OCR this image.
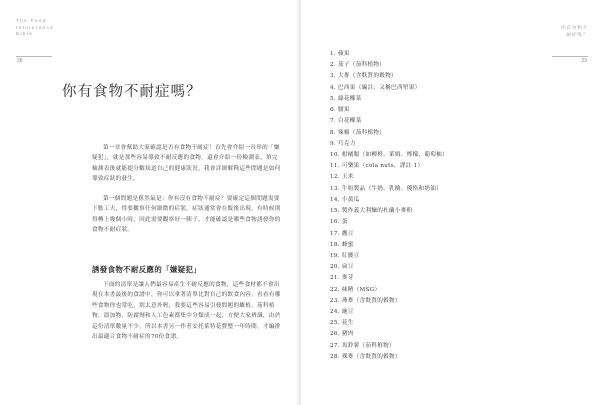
The Food
Intolerance
Bible
28
你有食物不耐症嗎？

第一章會幫助大家確認是否有食物不耐症！首先會介紹一長串的「嫌疑犯」，就是那些容易導致不耐反應的食物，還會介紹一份檢測表，填完檢測表後就能提分數知道自己的健康狀況，我會詳細解釋這些問題是如何導致症狀的發生。

第一個問題是舊然氣是：你有沒有食物不耐症？要確定這個問題需要下點工夫，得要觀察任何細微的症狀。症狀通常會在飯後出現，有時候則得轉上幾個小時，因此需要觀察好一陣子，才能確認是哪些食物誘發你的食物不耐症狀。

誘發食物不耐反應的「嫌疑犯」

下面的清單是讓人們最容易產生不耐反應的食物，這些食材都不會出現在本書最後的食譜中，你可以拿著清單比對自己的飲食內容，看看有哪些食物你也常吃，別太意外喔，我要這些容易引發問題的雖植，茄科植物，溫加物，防腐劑和人工色素都集中分類成一起，方便大家辨識，由於這份清單數量不少，所以本書另一作者安托萊特花費整一年時間，才編排出最適合食物不耐症的70份食譜。

你有食物不
耐症嗎？
29
1. 蘋果
2. 茄子（茄科植物）
3. 大麥（含麩質的穀物）
4. 巴西果（編註：又稱巴西堅果）
5. 綠花椰菜
6. 腰果
7. 白花椰菜
8. 辣椒（茄科植物）
9. 巧克力
10. 柑橘類（如柳橙、萊姆、檸檬、葡萄柚）
11. 可樂果（cola nuts，譯註 1）
12. 玉米
13. 牛奶製品（牛奶、乳酪、優格和奶油）
14. 小黃瓜
15. 製作義大利麵的杜蘭小麥粉
16. 蛋
17. 鷹豆
18. 蜂蜜
19. 紅腰豆
20. 扁豆
21. 麥芽
22. 味精（MSG）
23. 燕麥（含麩質的穀物）
24. 豌豆
25. 花生
26. 豬肉
27. 馬鈴薯（茄科植物）
28. 裸麥（含麩質的穀物）
